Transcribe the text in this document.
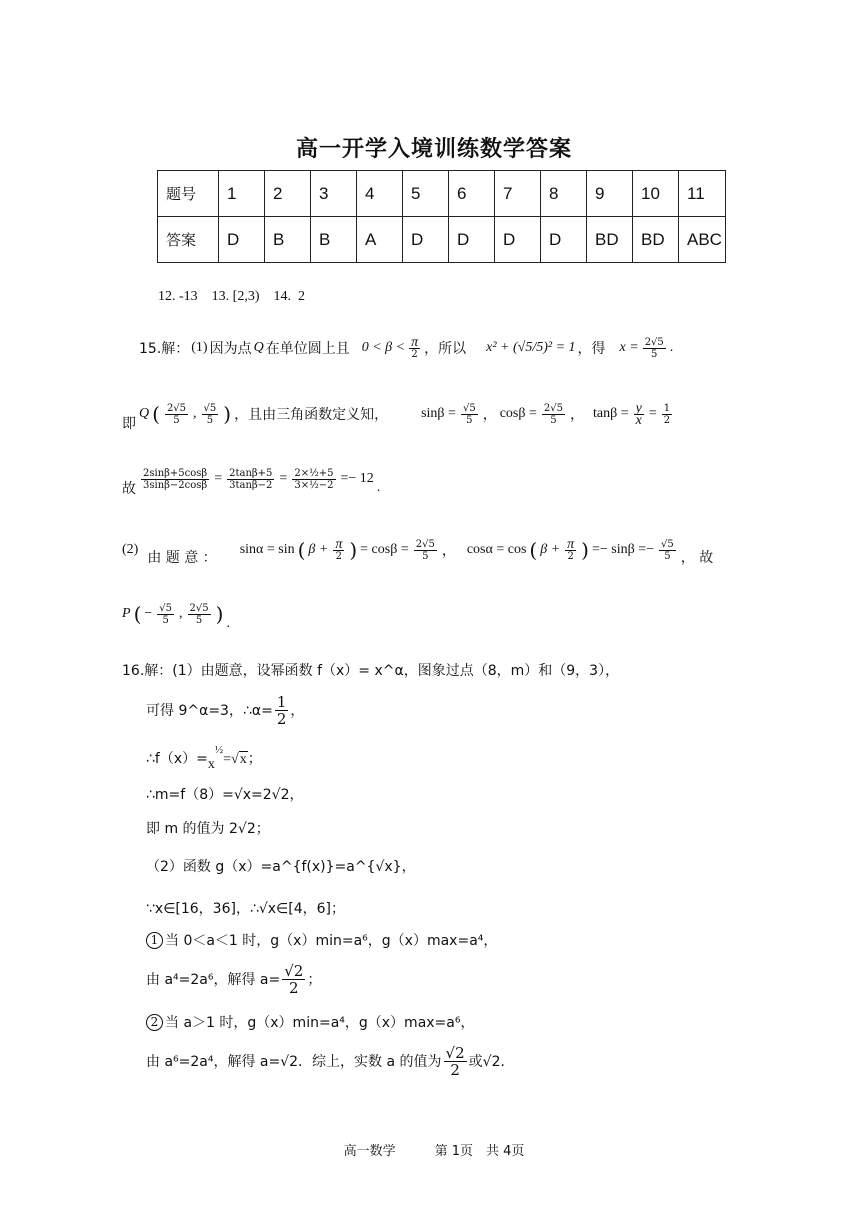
高一开学入境训练数学答案
题号	1	2	3	4	5	6	7	8	9	10	11
答案	D	B	B	A	D	D	D	D	BD	BD	ABC
12. -13    13. [2,3)    14.  2
15.解： (1) 因为点 Q 在单位圆上且 $0 < \beta < \frac{\pi}{2}$ ，所以 x² + (√5/5)² = 1 ，得 $x = \frac{2√5}{5}$ .
即
Q ( $\frac{2√5}{5}$ , $\frac{√5}{5}$ ) ，且由三角函数定义知， $\sin\beta = \frac{√5}{5}$ ， $\cos\beta = \frac{2√5}{5}$ ， $\tan\beta = \frac{y}{x} = \frac{1}{2}$
故 $\frac{2\sin\beta+5\cos\beta}{3\sin\beta-2\cos\beta} = \frac{2\tan\beta+5}{3\tan\beta-2} = \frac{\text{2×½+5}}{\text{3×½−2}} =- 12$
.
(2)
由 题 意 ：
sinα = sin ( $\beta + \frac{\pi}{2}$ ) = $\cos\beta = \frac{2√5}{5}$ ， cosα = cos ( $\beta + \frac{\pi}{2}$ ) =− $\sin\beta =- \frac{√5}{5}$ ， 故
P ( − $\frac{√5}{5}$ , $\frac{2√5}{5}$ ) .
16.解：(1）由题意，设幂函数 f（x）= x^α，图象过点（8，m）和（9，3），
可得 9^α=3，∴α= $\frac{1}{2}$ ，
∴f（x）= x
½
=√x；
∴m=f（8）=√x=2√2，
即 m 的值为 2√2；
（2）函数 g（x）=a^{f(x)}=a^{√x}，
∵x∈[16，36]，∴√x∈[4，6]；
1 当 0＜a＜1 时，g（x）min=a⁶，g（x）max=a⁴，
由 a⁴=2a⁶，解得 $a= \frac{√2}{2}$ ；
2 当 a＞1 时，g（x）min=a⁴，g（x）max=a⁶，
由 a⁶=2a⁴，解得 a=√2．综上，实数 a 的值为 $\frac{√2}{2}$ 或√2．
高一数学　　　第 1页　共 4页
